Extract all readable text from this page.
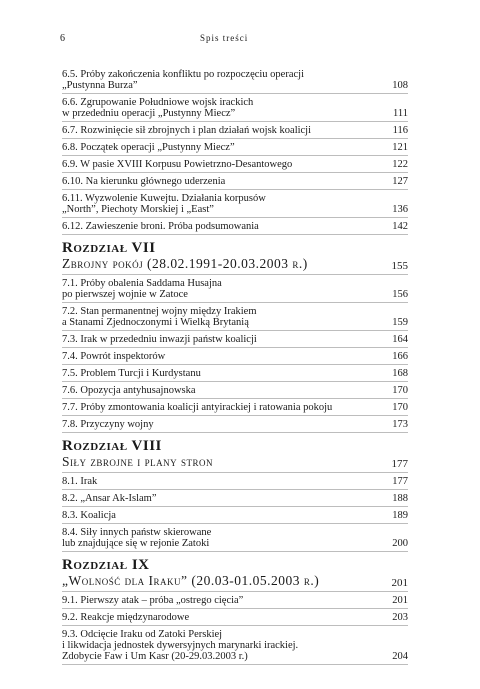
6	Spis treści
6.5. Próby zakończenia konfliktu po rozpoczęciu operacji
„Pustynna Burza”	108
6.6. Zgrupowanie Południowe wojsk irackich
w przededniu operacji „Pustynny Miecz”	111
6.7. Rozwinięcie sił zbrojnych i plan działań wojsk koalicji	116
6.8. Początek operacji „Pustynny Miecz”	121
6.9. W pasie XVIII Korpusu Powietrzno-Desantowego	122
6.10. Na kierunku głównego uderzenia	127
6.11. Wyzwolenie Kuwejtu. Działania korpusów
„North”, Piechoty Morskiej i „East”	136
6.12. Zawieszenie broni. Próba podsumowania	142
Rozdział VII
Zbrojny pokój (28.02.1991-20.03.2003 r.)	155
7.1. Próby obalenia Saddama Husajna
po pierwszej wojnie w Zatoce	156
7.2. Stan permanentnej wojny między Irakiem
a Stanami Zjednoczonymi i Wielką Brytanią	159
7.3. Irak w przededniu inwazji państw koalicji	164
7.4. Powrót inspektorów	166
7.5. Problem Turcji i Kurdystanu	168
7.6. Opozycja antyhusajnowska	170
7.7. Próby zmontowania koalicji antyirackiej i ratowania pokoju	170
7.8. Przyczyny wojny	173
Rozdział VIII
Siły zbrojne i plany stron	177
8.1. Irak	177
8.2. „Ansar Ak-Islam”	188
8.3. Koalicja	189
8.4. Siły innych państw skierowane
lub znajdujące się w rejonie Zatoki	200
Rozdział IX
„Wolność dla Iraku” (20.03-01.05.2003 r.)	201
9.1. Pierwszy atak – próba „ostrego cięcia”	201
9.2. Reakcje międzynarodowe	203
9.3. Odcięcie Iraku od Zatoki Perskiej
i likwidacja jednostek dywersyjnych marynarki irackiej.
Zdobycie Faw i Um Kasr (20-29.03.2003 r.)	204
